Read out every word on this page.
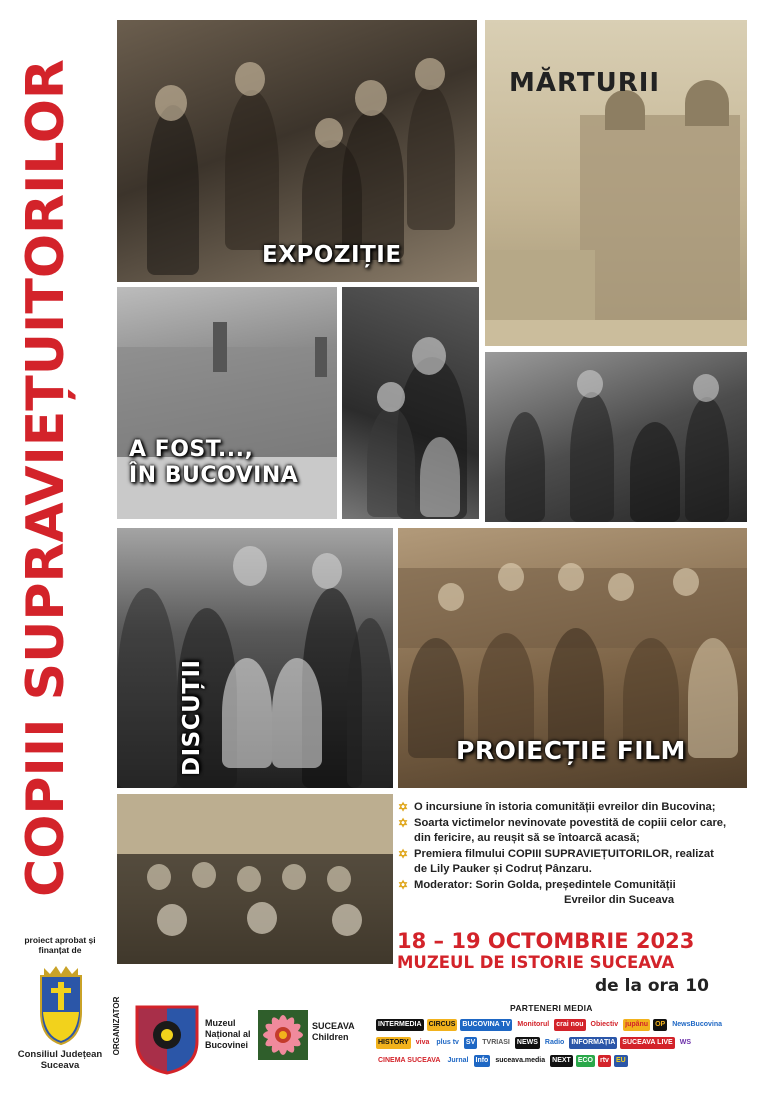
COPIII SUPRAVIEȚUITORILOR	EXPOZIȚIE
MĂRTURII
A FOST...,
ÎN BUCOVINA
DISCUȚII	PROIECȚIE FILM
✡ O incursiune în istoria comunității evreilor din Bucovina;
✡ Soarta victimelor nevinovate povestită de copiii celor care, din fericire, au reușit să se întoarcă acasă;
✡ Premiera filmului COPIII SUPRAVIEȚUITORILOR, realizat de Lily Pauker și Codruț Pânzaru.
✡ Moderator: Sorin Golda, președintele Comunității
Evreilor din Suceava
18 – 19 OCTOMBRIE 2023
MUZEUL DE ISTORIE SUCEAVA
de la ora 10
proiect aprobat și finanțat de
Consiliul Județean Suceava
ORGANIZATOR	Muzeul Național al Bucovinei
SUCEAVA Children
PARTENERI MEDIA
INTERMEDIA CIRCUS BUCOVINA TV Monitorul crai nou Obiectiv jupânu OP NewsBucovina
HISTORY viva plus tv SV TVRIASI NEWS Radio INFORMAȚIA SUCEAVA LIVE WS
CINEMA SUCEAVA Jurnal Info suceava.media NEXT ECO rtv EU
